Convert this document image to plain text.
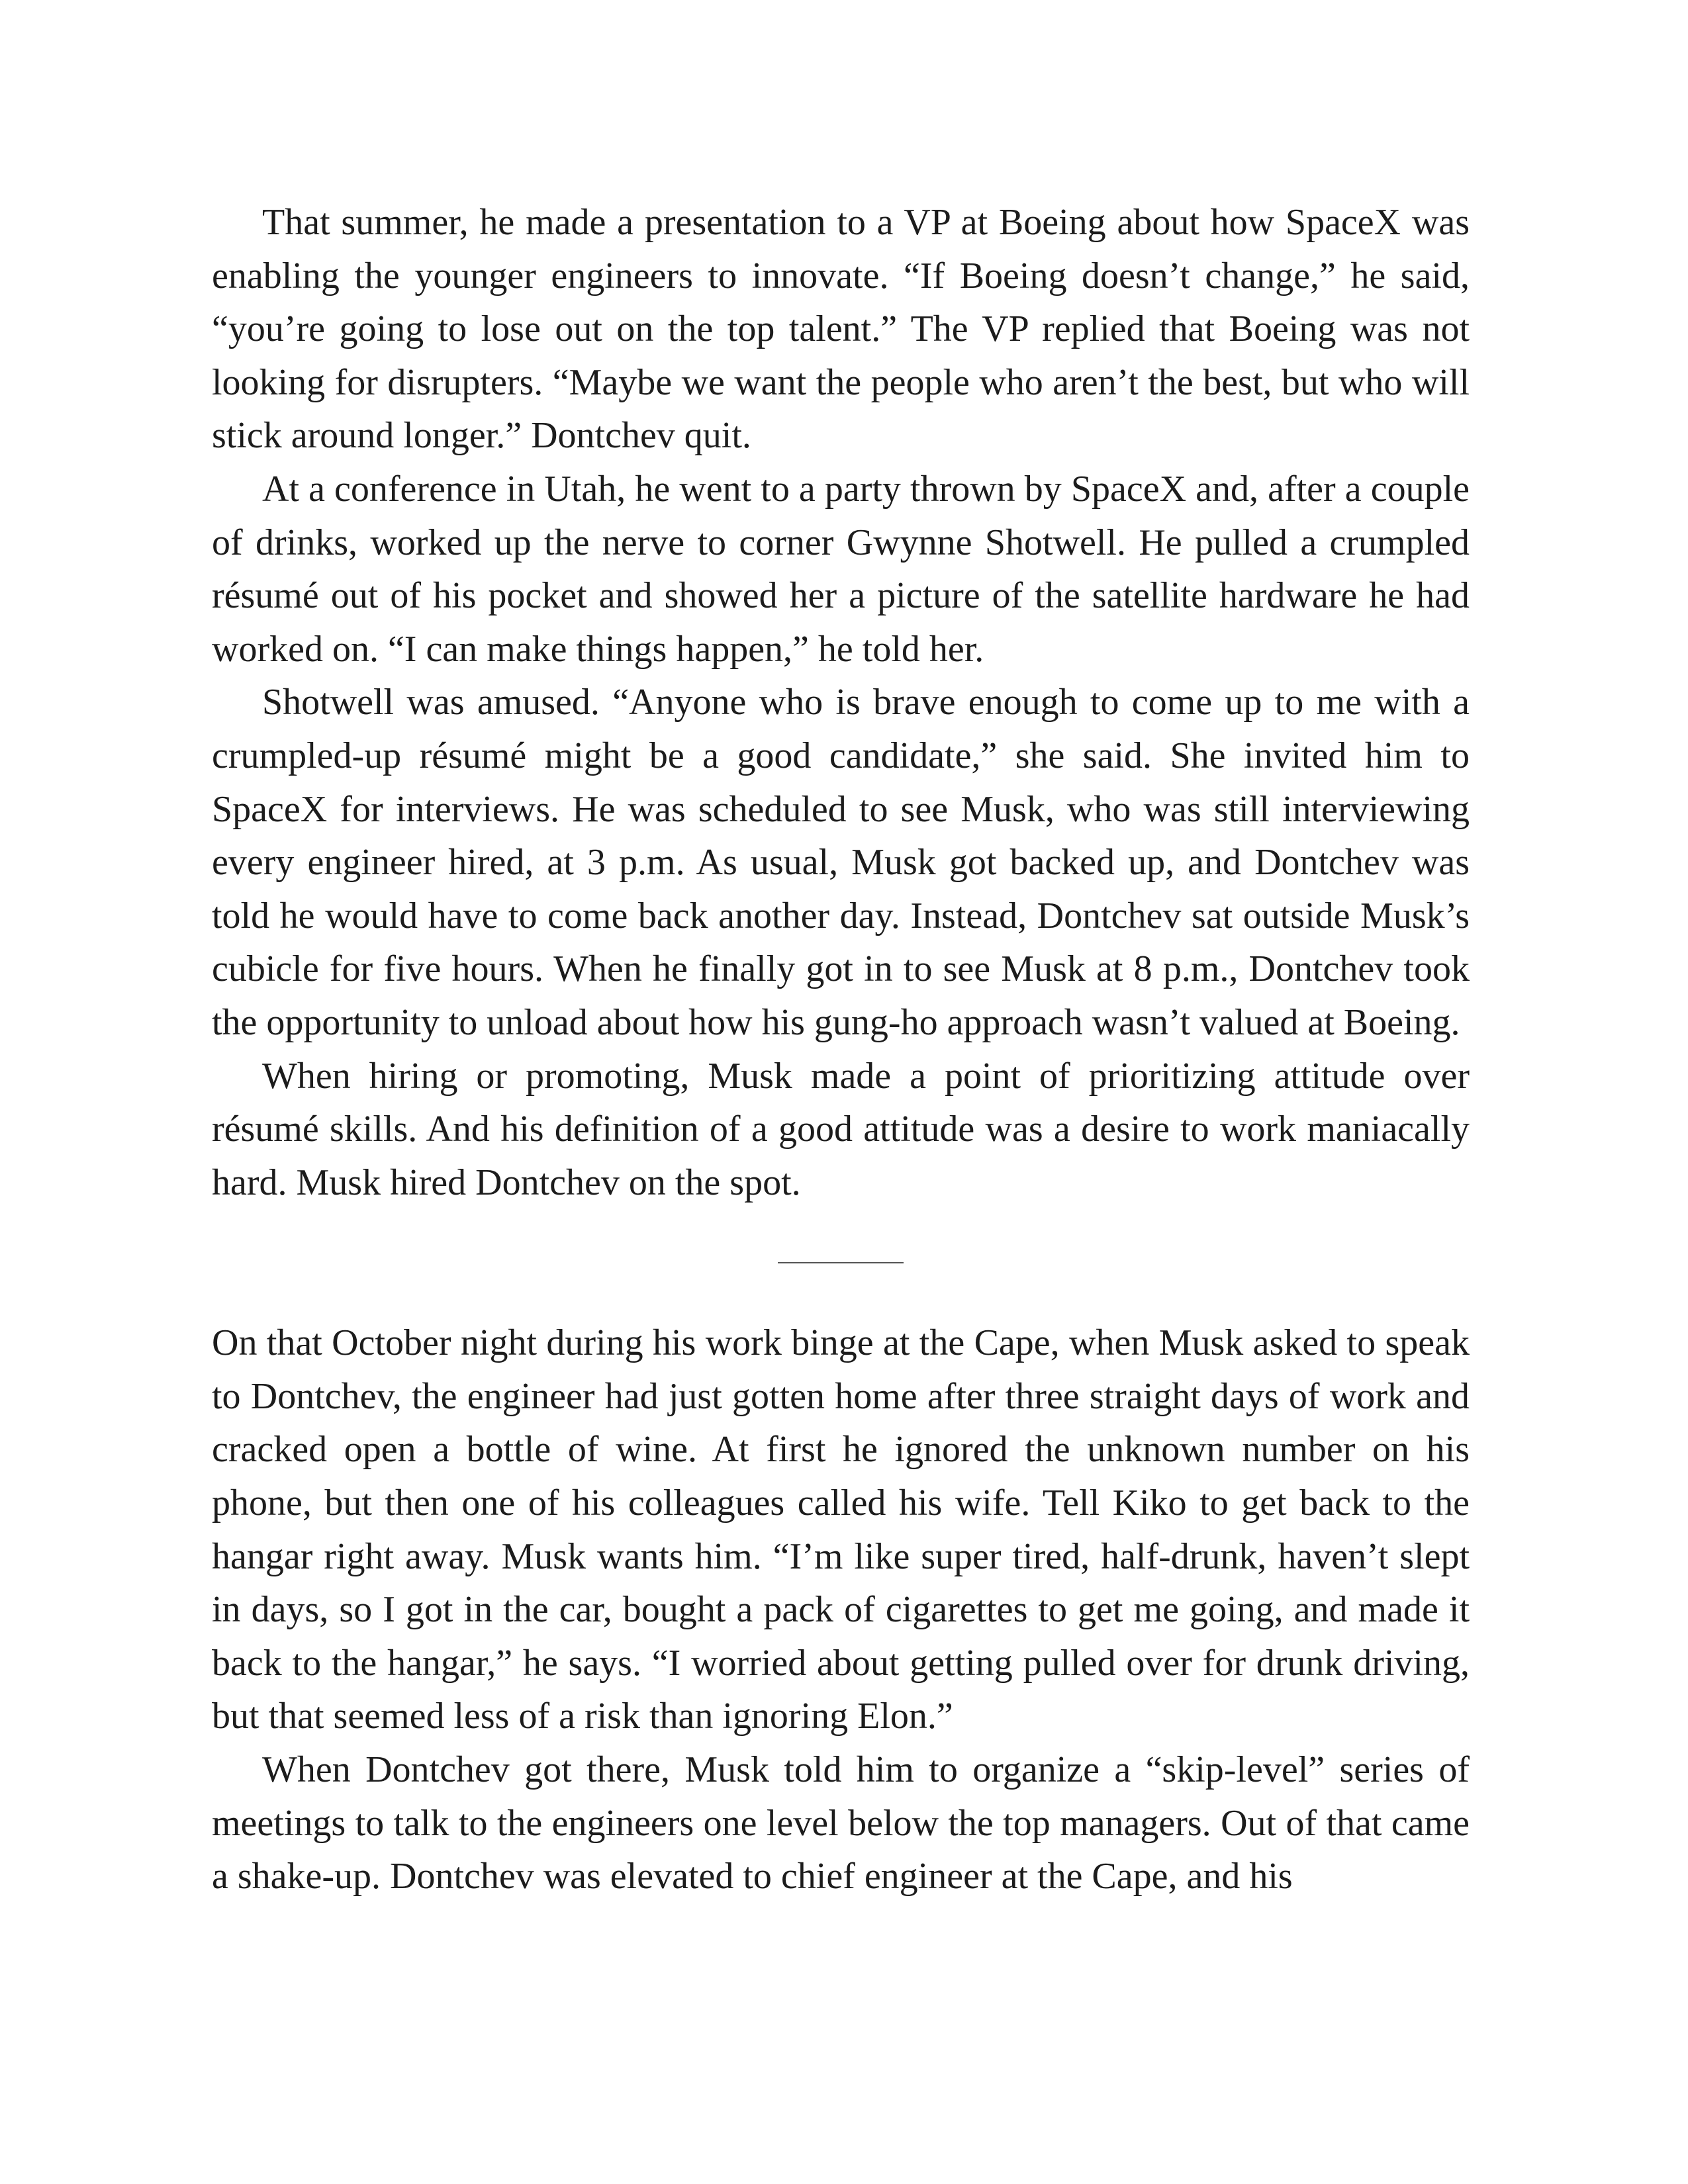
That summer, he made a presentation to a VP at Boeing about how SpaceX was enabling the younger engineers to innovate. “If Boeing doesn’t change,” he said, “you’re going to lose out on the top talent.” The VP replied that Boeing was not looking for disrupters. “Maybe we want the people who aren’t the best, but who will stick around longer.” Dontchev quit.

At a conference in Utah, he went to a party thrown by SpaceX and, after a couple of drinks, worked up the nerve to corner Gwynne Shotwell. He pulled a crumpled résumé out of his pocket and showed her a picture of the satellite hardware he had worked on. “I can make things happen,” he told her.

Shotwell was amused. “Anyone who is brave enough to come up to me with a crumpled-up résumé might be a good candidate,” she said. She invited him to SpaceX for interviews. He was scheduled to see Musk, who was still interviewing every engineer hired, at 3 p.m. As usual, Musk got backed up, and Dontchev was told he would have to come back another day. Instead, Dontchev sat outside Musk’s cubicle for five hours. When he finally got in to see Musk at 8 p.m., Dontchev took the opportunity to unload about how his gung-ho approach wasn’t valued at Boeing.

When hiring or promoting, Musk made a point of prioritizing attitude over résumé skills. And his definition of a good attitude was a desire to work maniacally hard. Musk hired Dontchev on the spot.

On that October night during his work binge at the Cape, when Musk asked to speak to Dontchev, the engineer had just gotten home after three straight days of work and cracked open a bottle of wine. At first he ignored the unknown number on his phone, but then one of his colleagues called his wife. Tell Kiko to get back to the hangar right away. Musk wants him. “I’m like super tired, half-drunk, haven’t slept in days, so I got in the car, bought a pack of cigarettes to get me going, and made it back to the hangar,” he says. “I worried about getting pulled over for drunk driving, but that seemed less of a risk than ignoring Elon.”

When Dontchev got there, Musk told him to organize a “skip-level” series of meetings to talk to the engineers one level below the top managers. Out of that came a shake-up. Dontchev was elevated to chief engineer at the Cape, and his
